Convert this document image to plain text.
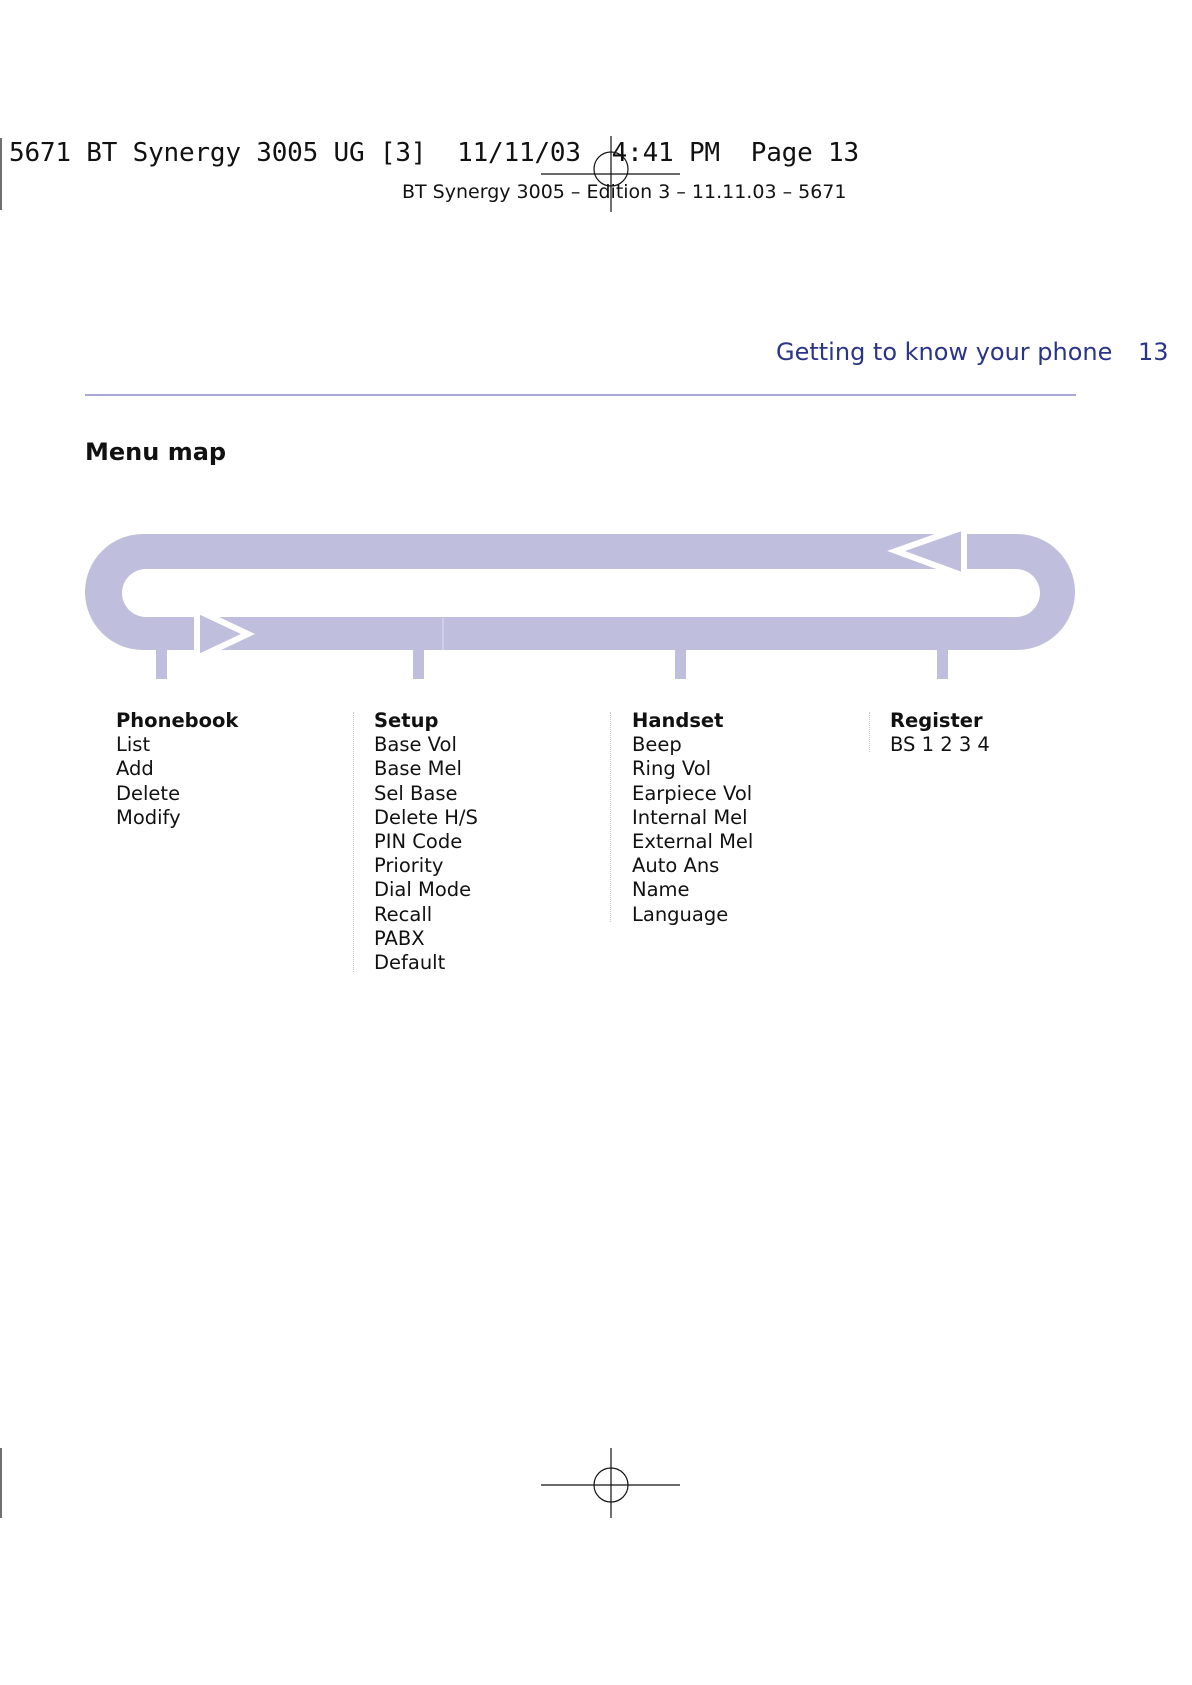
5671 BT Synergy 3005 UG [3]  11/11/03  4:41 PM  Page 13
BT Synergy 3005 – Edition 3 – 11.11.03 – 5671
Getting to know your phone 13
Menu map
Phonebook
List
Add
Delete
Modify
Setup
Base Vol
Base Mel
Sel Base
Delete H/S
PIN Code
Priority
Dial Mode
Recall
PABX
Default
Handset
Beep
Ring Vol
Earpiece Vol
Internal Mel
External Mel
Auto Ans
Name
Language
Register
BS 1 2 3 4
